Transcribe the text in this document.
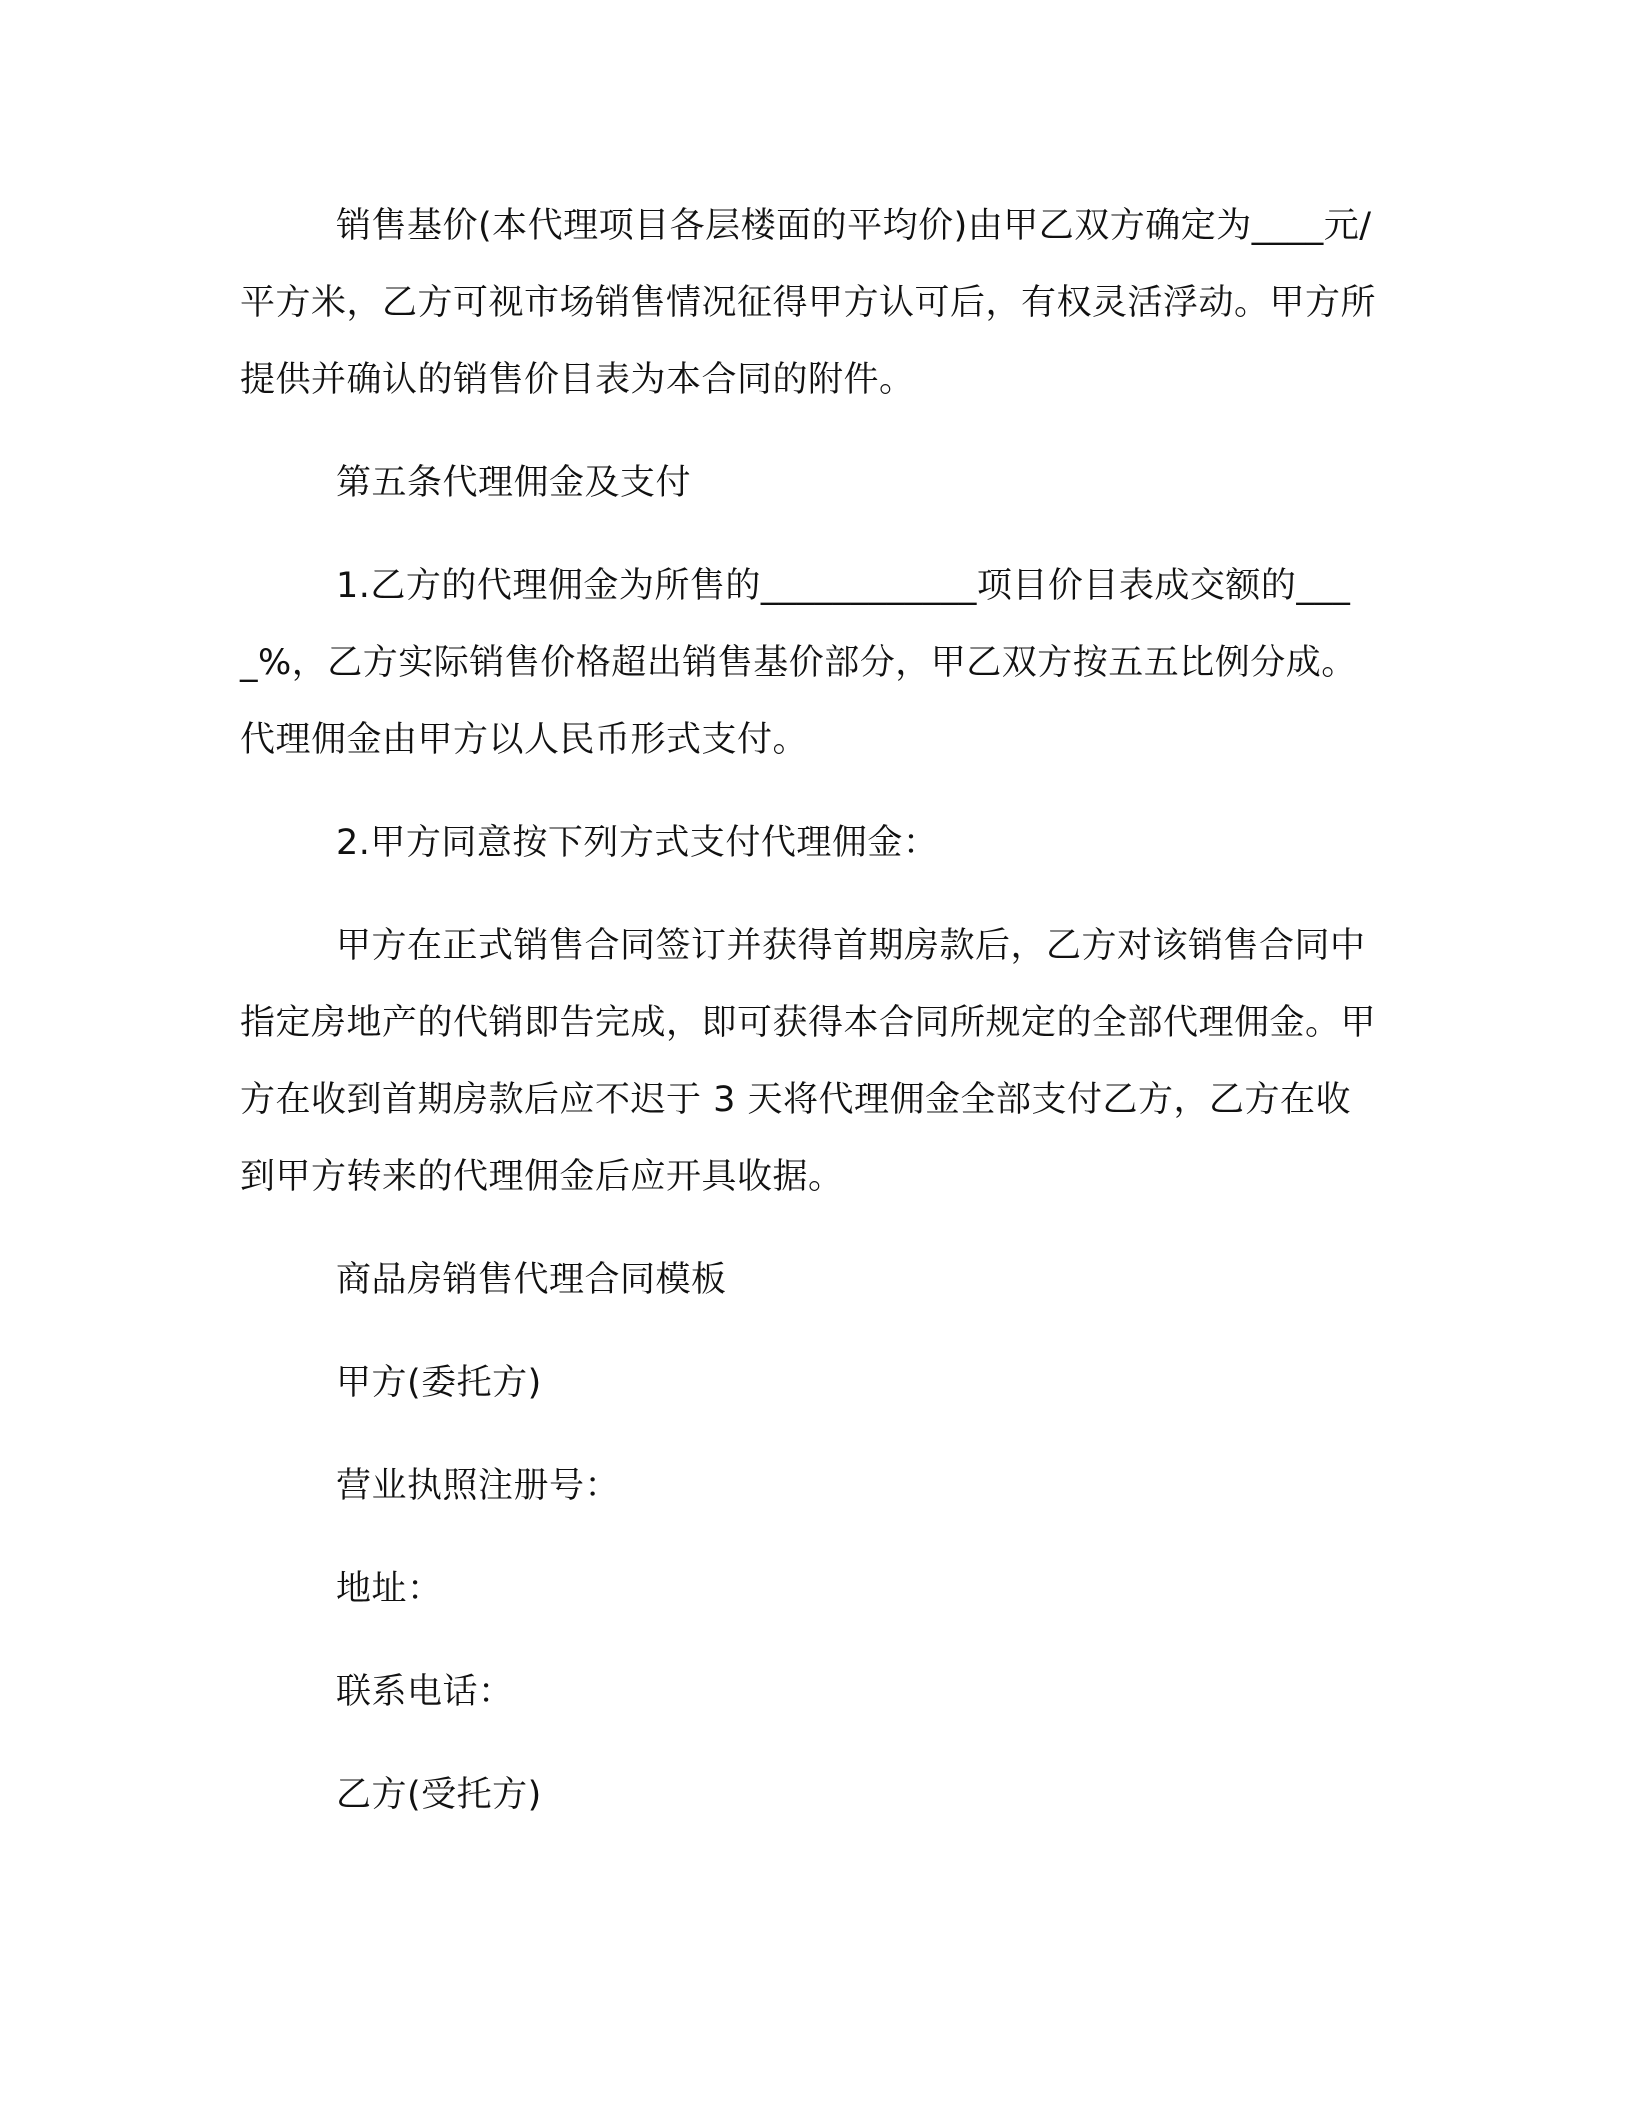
销售基价(本代理项目各层楼面的平均价)由甲乙双方确定为____元/平方米，乙方可视市场销售情况征得甲方认可后，有权灵活浮动。甲方所提供并确认的销售价目表为本合同的附件。

第五条代理佣金及支付

1.乙方的代理佣金为所售的____________项目价目表成交额的____%，乙方实际销售价格超出销售基价部分，甲乙双方按五五比例分成。代理佣金由甲方以人民币形式支付。

2.甲方同意按下列方式支付代理佣金：

甲方在正式销售合同签订并获得首期房款后，乙方对该销售合同中指定房地产的代销即告完成，即可获得本合同所规定的全部代理佣金。甲方在收到首期房款后应不迟于 3 天将代理佣金全部支付乙方，乙方在收到甲方转来的代理佣金后应开具收据。

商品房销售代理合同模板

甲方(委托方)

营业执照注册号：

地址：

联系电话：

乙方(受托方)
